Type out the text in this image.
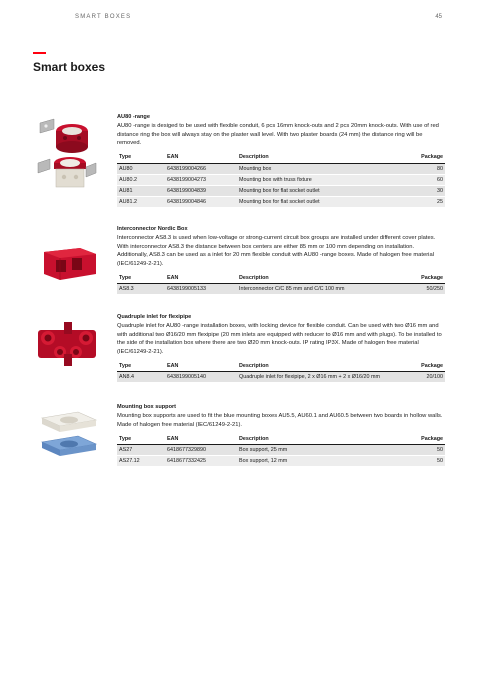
SMART BOXES	45
Smart boxes
AU80 -range
AU80 -range is desiged to be used with flexible conduit, 6 pcs 16mm knock-outs and 2 pcs 20mm knock-outs. With use of red distance ring the box will always stay on the plaster wall level. With two plaster boards (24 mm) the distance ring will be removed.
Type	EAN	Description	Package
AU80	6438199004266	Mounting box	80
AU80.2	6438199004273	Mounting box with truss fixture	60
AU81	6438199004839	Mounting box for flat socket outlet	30
AU81.2	6438199004846	Mounting box for flat socket outlet	25
Interconnector Nordic Box
Interconnector AS8.3 is used when low-voltage or strong-current circuit box groups are installed under different cover plates. With interconnector AS8.3 the distance between box centers are either 85 mm or 100 mm depending on installation. Additionally, AS8.3 can be used as a inlet for 20 mm flexible conduit with AU80 -range boxes. Made of halogen free material (IEC/61249-2-21).
Type	EAN	Description	Package
AS8.3	6438199005133	Interconnector C/C 85 mm and C/C 100 mm	50/250
Quadruple inlet for flexipipe
Quadruple inlet for AU80 -range installation boxes, with locking device for flexible conduit. Can be used with two Ø16 mm and with additional two Ø16/20 mm flexipipe (20 mm inlets are equipped with reducer to Ø16 mm and with plugs). To be installed to the side of the installation box where there are two Ø20 mm knock-outs. IP rating IP3X. Made of halogen free material (IEC/61249-2-21).
Type	EAN	Description	Package
AN8.4	6438199005140	Quadruple inlet for flexipipe, 2 x Ø16 mm + 2 x Ø16/20 mm	20/100
Mounting box support
Mounting box supports are used to fit the blue mounting boxes AU5.5, AU60.1 and AU60.5 between two boards in hollow walls. Made of halogen free material (IEC/61249-2-21).
Type	EAN	Description	Package
AS27	6418677329890	Box support, 25 mm	50
AS27.12	6418677332425	Box support, 12 mm	50
